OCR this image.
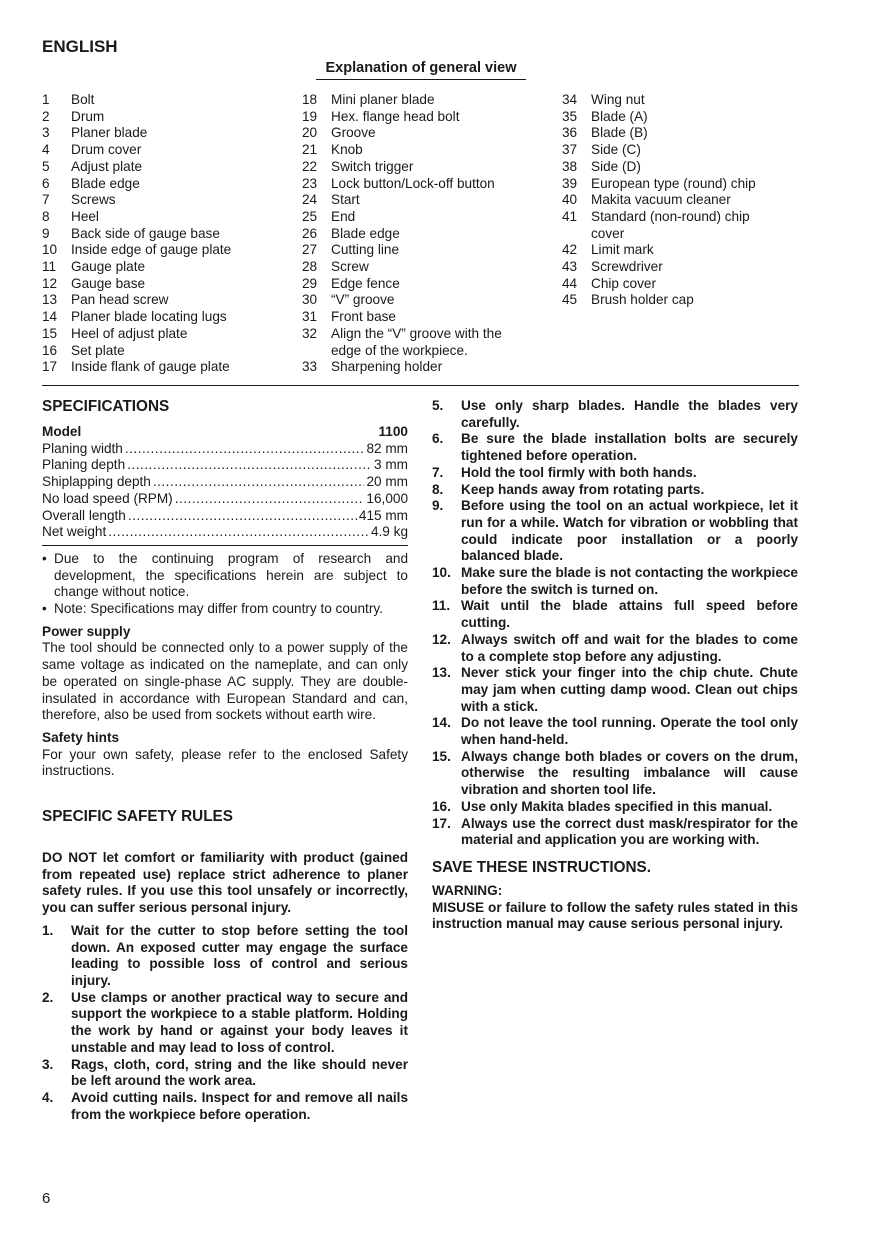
ENGLISH
Explanation of general view
1	Bolt
2	Drum
3	Planer blade
4	Drum cover
5	Adjust plate
6	Blade edge
7	Screws
8	Heel
9	Back side of gauge base
10	Inside edge of gauge plate
11	Gauge plate
12	Gauge base
13	Pan head screw
14	Planer blade locating lugs
15	Heel of adjust plate
16	Set plate
17	Inside flank of gauge plate
18	Mini planer blade
19	Hex. flange head bolt
20	Groove
21	Knob
22	Switch trigger
23	Lock button/Lock-off button
24	Start
25	End
26	Blade edge
27	Cutting line
28	Screw
29	Edge fence
30	“V” groove
31	Front base
32	Align the “V” groove with the edge of the workpiece.
33	Sharpening holder
34	Wing nut
35	Blade (A)
36	Blade (B)
37	Side (C)
38	Side (D)
39	European type (round) chip
40	Makita vacuum cleaner
41	Standard (non-round) chip cover
42	Limit mark
43	Screwdriver
44	Chip cover
45	Brush holder cap
SPECIFICATIONS
Model	1100
Planing width .....	82 mm
Planing depth .....	3 mm
Shiplapping depth .....	20 mm
No load speed (RPM) .....	16,000
Overall length .....	415 mm
Net weight .....	4.9 kg
• Due to the continuing program of research and development, the specifications herein are subject to change without notice.
• Note: Specifications may differ from country to country.
Power supply
The tool should be connected only to a power supply of the same voltage as indicated on the nameplate, and can only be operated on single-phase AC supply. They are double-insulated in accordance with European Standard and can, therefore, also be used from sockets without earth wire.
Safety hints
For your own safety, please refer to the enclosed Safety instructions.
SPECIFIC SAFETY RULES
DO NOT let comfort or familiarity with product (gained from repeated use) replace strict adherence to planer safety rules. If you use this tool unsafely or incorrectly, you can suffer serious personal injury.
1.	Wait for the cutter to stop before setting the tool down. An exposed cutter may engage the surface leading to possible loss of control and serious injury.
2.	Use clamps or another practical way to secure and support the workpiece to a stable platform. Holding the work by hand or against your body leaves it unstable and may lead to loss of control.
3.	Rags, cloth, cord, string and the like should never be left around the work area.
4.	Avoid cutting nails. Inspect for and remove all nails from the workpiece before operation.
5.	Use only sharp blades. Handle the blades very carefully.
6.	Be sure the blade installation bolts are securely tightened before operation.
7.	Hold the tool firmly with both hands.
8.	Keep hands away from rotating parts.
9.	Before using the tool on an actual workpiece, let it run for a while. Watch for vibration or wobbling that could indicate poor installation or a poorly balanced blade.
10. Make sure the blade is not contacting the workpiece before the switch is turned on.
11. Wait until the blade attains full speed before cutting.
12. Always switch off and wait for the blades to come to a complete stop before any adjusting.
13. Never stick your finger into the chip chute. Chute may jam when cutting damp wood. Clean out chips with a stick.
14. Do not leave the tool running. Operate the tool only when hand-held.
15. Always change both blades or covers on the drum, otherwise the resulting imbalance will cause vibration and shorten tool life.
16. Use only Makita blades specified in this manual.
17. Always use the correct dust mask/respirator for the material and application you are working with.
SAVE THESE INSTRUCTIONS.
WARNING:
MISUSE or failure to follow the safety rules stated in this instruction manual may cause serious personal injury.
6
